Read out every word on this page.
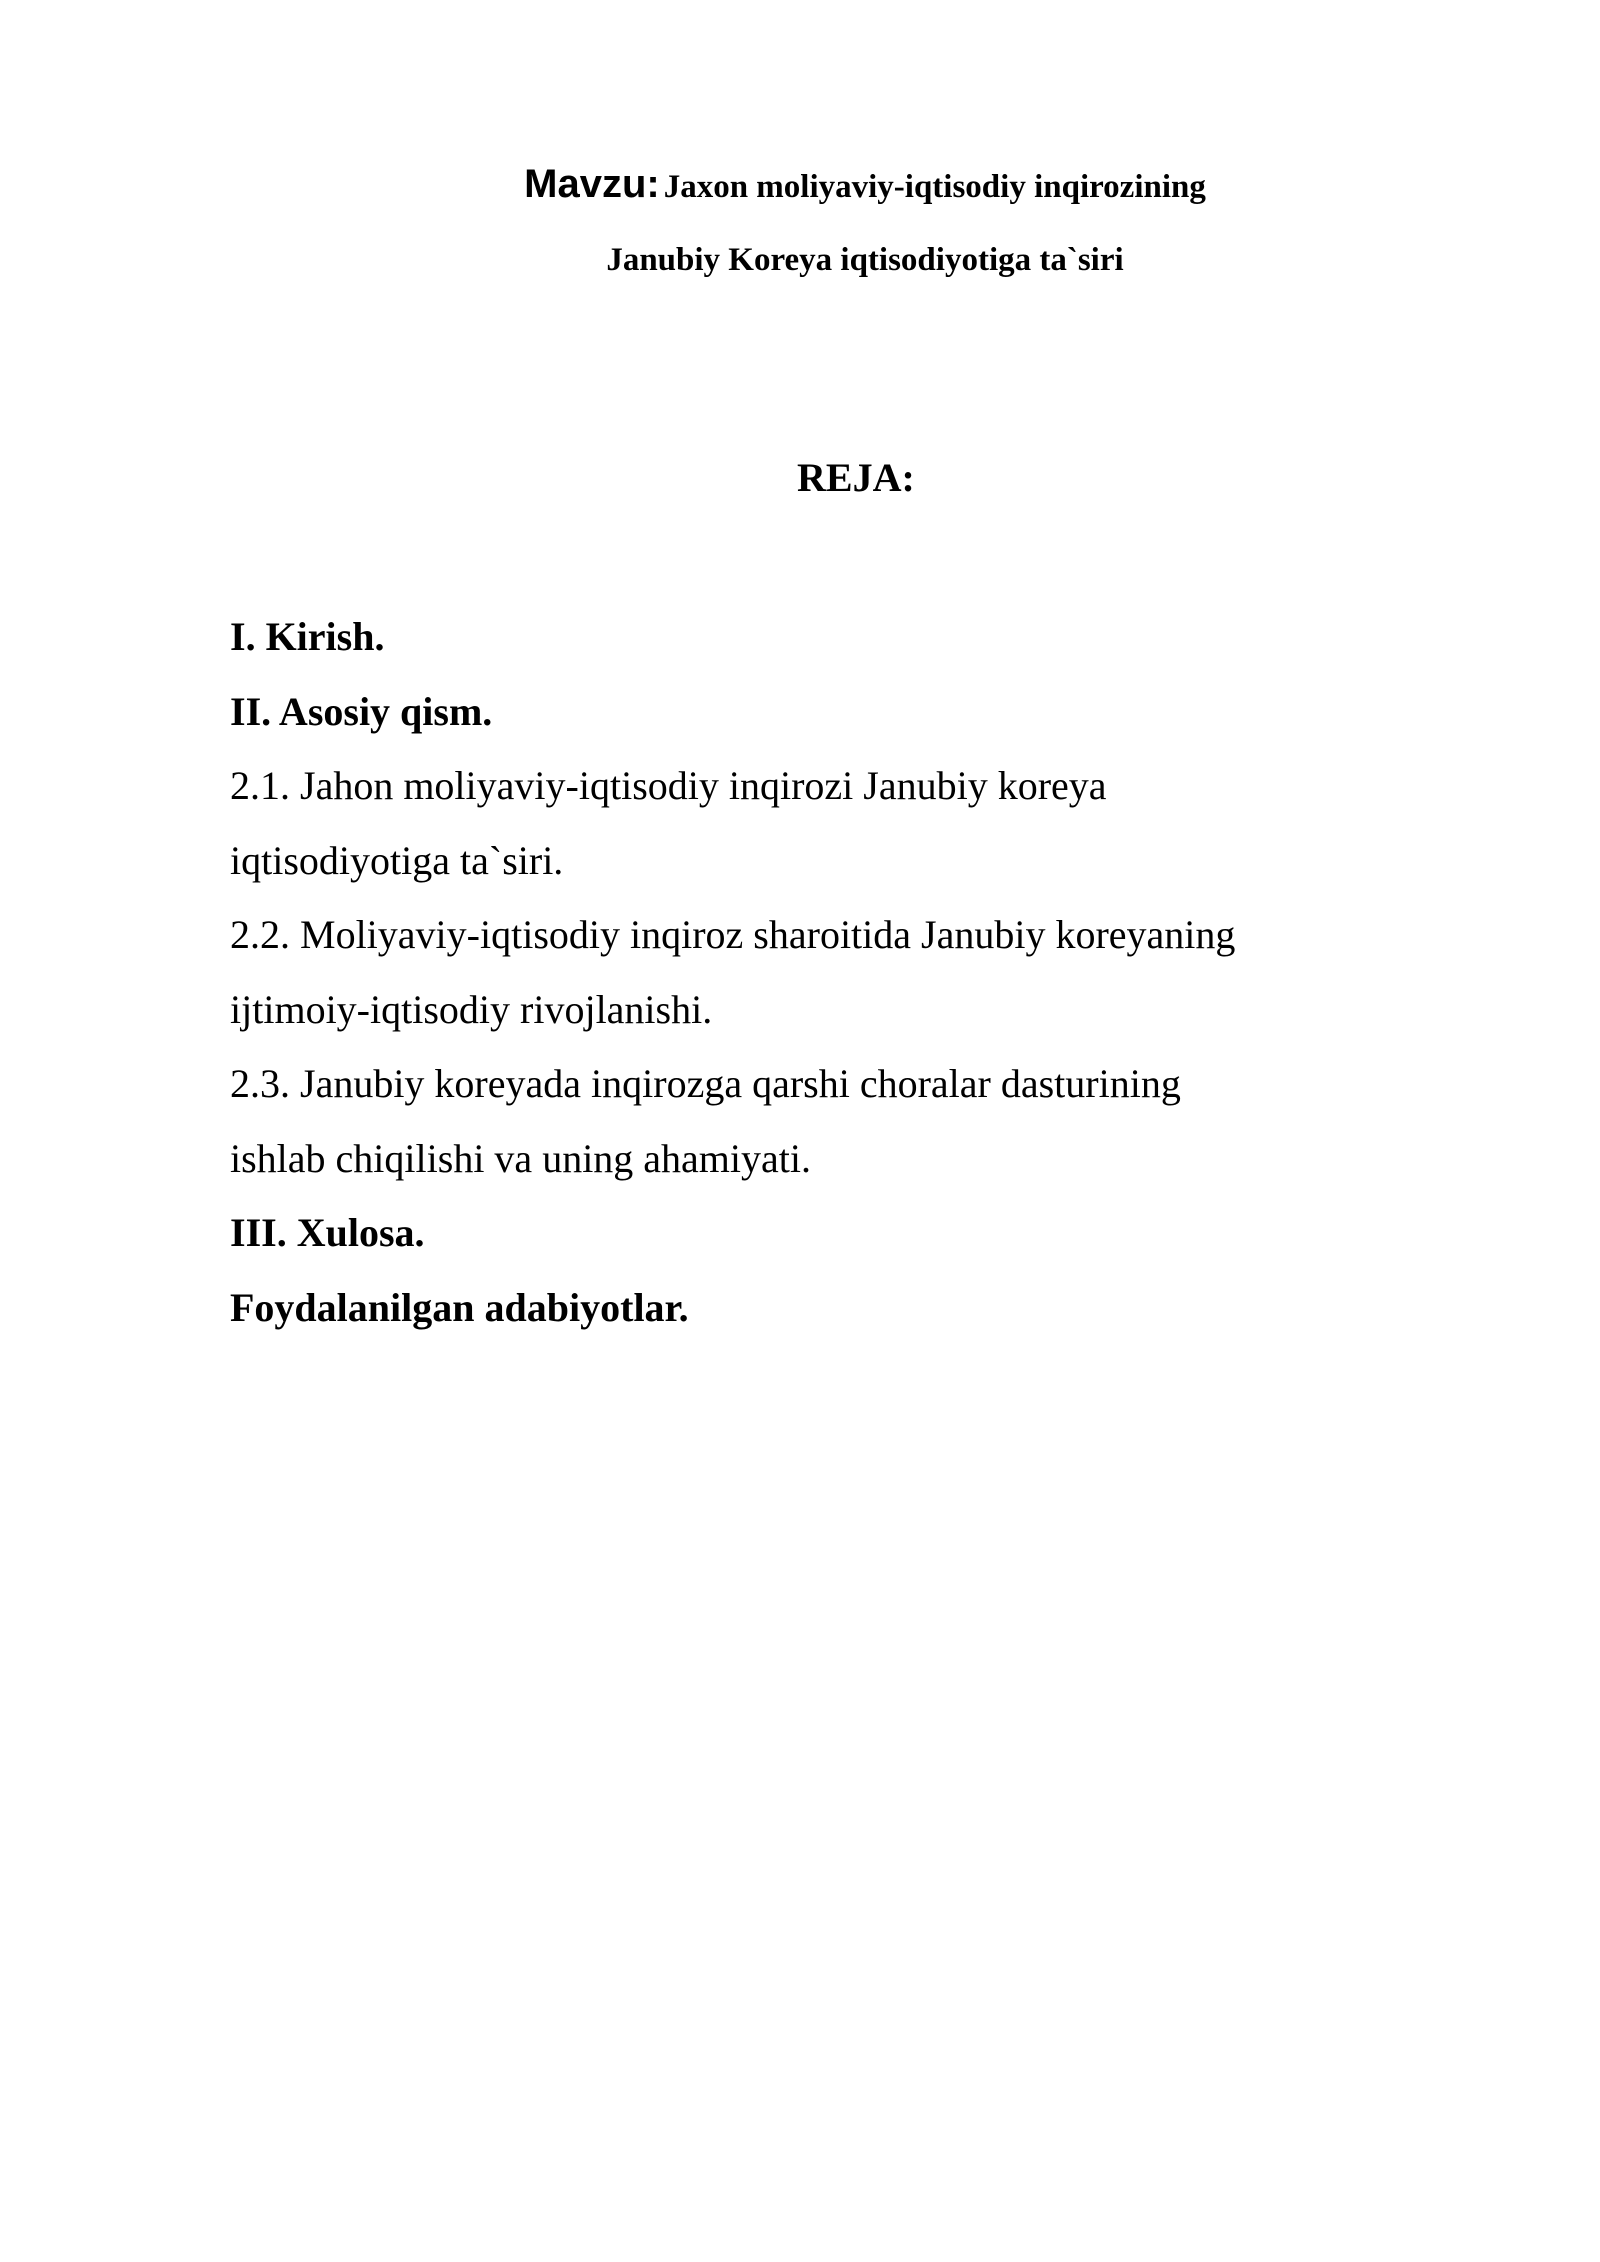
Mavzu: Jaxon moliyaviy-iqtisodiy inqirozining
Janubiy Koreya iqtisodiyotiga ta`siri
REJA:
I. Kirish.
II. Asosiy qism.
2.1. Jahon moliyaviy-iqtisodiy inqirozi Janubiy koreya
iqtisodiyotiga ta`siri.
2.2. Moliyaviy-iqtisodiy inqiroz sharoitida Janubiy koreyaning
ijtimoiy-iqtisodiy rivojlanishi.
2.3. Janubiy koreyada inqirozga qarshi choralar dasturining
ishlab chiqilishi va uning ahamiyati.
III. Xulosa.
Foydalanilgan adabiyotlar.
